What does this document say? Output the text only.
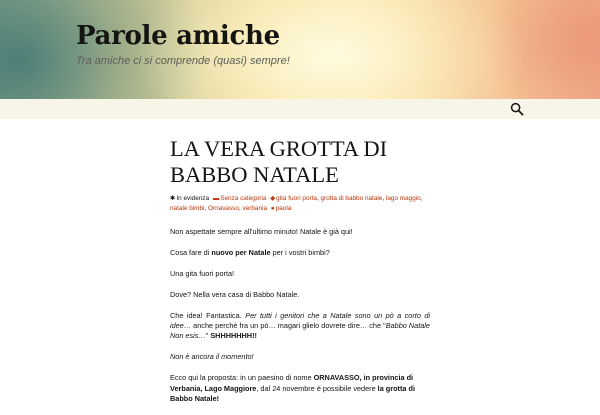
Parole amiche

Tra amiche ci si comprende (quasi) sempre!

LA VERA GROTTA DI
BABBO NATALE
✱In evidenza ▬Senza categoria ◆gita fuori porta, grotta di babbo natale, lago maggio, natale bimbi, Ornavasso, verbania ●paola

Non aspettate sempre all'ultimo minuto! Natale è già qui!

Cosa fare di nuovo per Natale per i vostri bimbi?

Una gita fuori porta!

Dove? Nella vera casa di Babbo Natale.

Che idea! Fantastica. Per tutti i genitori che a Natale sono un pò a corto di idee… anche perchè fra un pò… magari glielo dovrete dire… che "Babbo Natale Non esis…" SHHHHHHH!!

Non è ancora il momento!

Ecco qui la proposta: in un paesino di nome ORNAVASSO, in provincia di Verbania, Lago Maggiore, dal 24 novembre è possibile vedere la grotta di Babbo Natale!
